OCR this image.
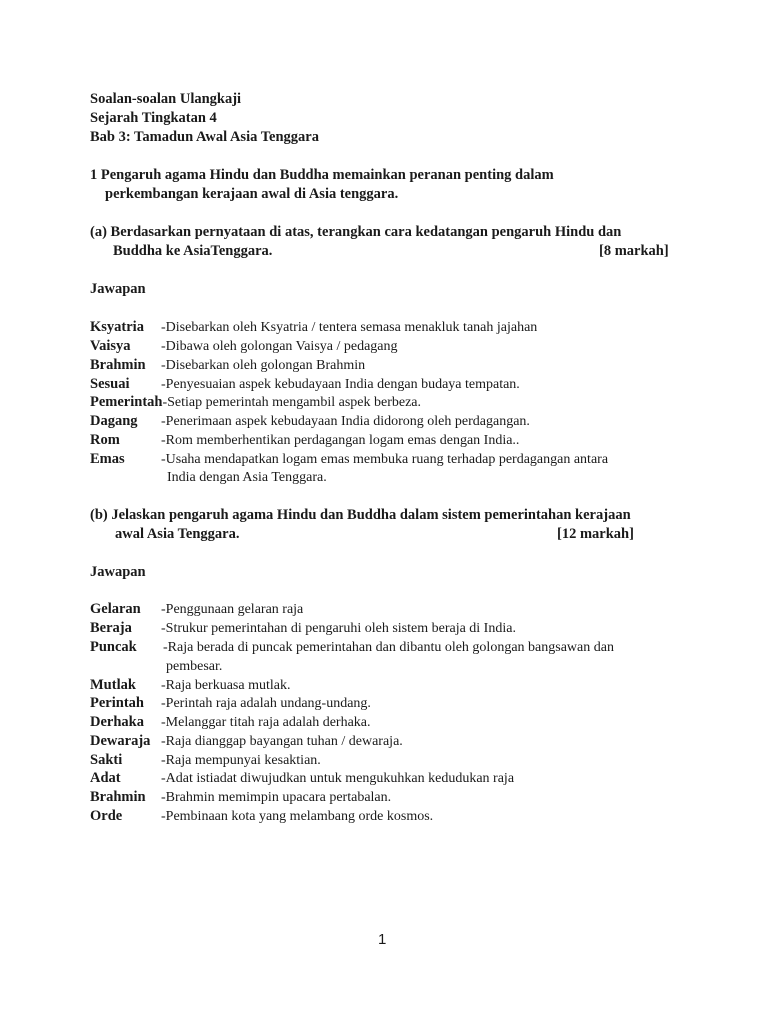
Soalan-soalan Ulangkaji
Sejarah Tingkatan 4
Bab 3: Tamadun Awal Asia Tenggara
1 Pengaruh agama Hindu dan Buddha memainkan peranan penting dalam
perkembangan kerajaan awal di Asia tenggara.
(a) Berdasarkan pernyataan di atas, terangkan cara kedatangan pengaruh Hindu dan
Buddha ke AsiaTenggara.	[8 markah]
Jawapan
Ksyatria -Disebarkan oleh Ksyatria / tentera semasa menakluk tanah jajahan
Vaisya -Dibawa oleh golongan Vaisya / pedagang
Brahmin -Disebarkan oleh golongan Brahmin
Sesuai -Penyesuaian aspek kebudayaan India dengan budaya tempatan.
Pemerintah-Setiap pemerintah mengambil aspek berbeza.
Dagang -Penerimaan aspek kebudayaan India didorong oleh perdagangan.
Rom	-Rom memberhentikan perdagangan logam emas dengan India..
Emas	-Usaha mendapatkan logam emas membuka ruang terhadap perdagangan antara
India dengan Asia Tenggara.
(b) Jelaskan pengaruh agama Hindu dan Buddha dalam sistem pemerintahan kerajaan
awal Asia Tenggara.	[12 markah]
Jawapan
Gelaran -Penggunaan gelaran raja
Beraja -Strukur pemerintahan di pengaruhi oleh sistem beraja di India.
Puncak -Raja berada di puncak pemerintahan dan dibantu oleh golongan bangsawan dan
pembesar.
Mutlak -Raja berkuasa mutlak.
Perintah -Perintah raja adalah undang-undang.
Derhaka -Melanggar titah raja adalah derhaka.
Dewaraja -Raja dianggap bayangan tuhan / dewaraja.
Sakti	-Raja mempunyai kesaktian.
Adat	-Adat istiadat diwujudkan untuk mengukuhkan kedudukan raja
Brahmin -Brahmin memimpin upacara pertabalan.
Orde	-Pembinaan kota yang melambang orde kosmos.
1
